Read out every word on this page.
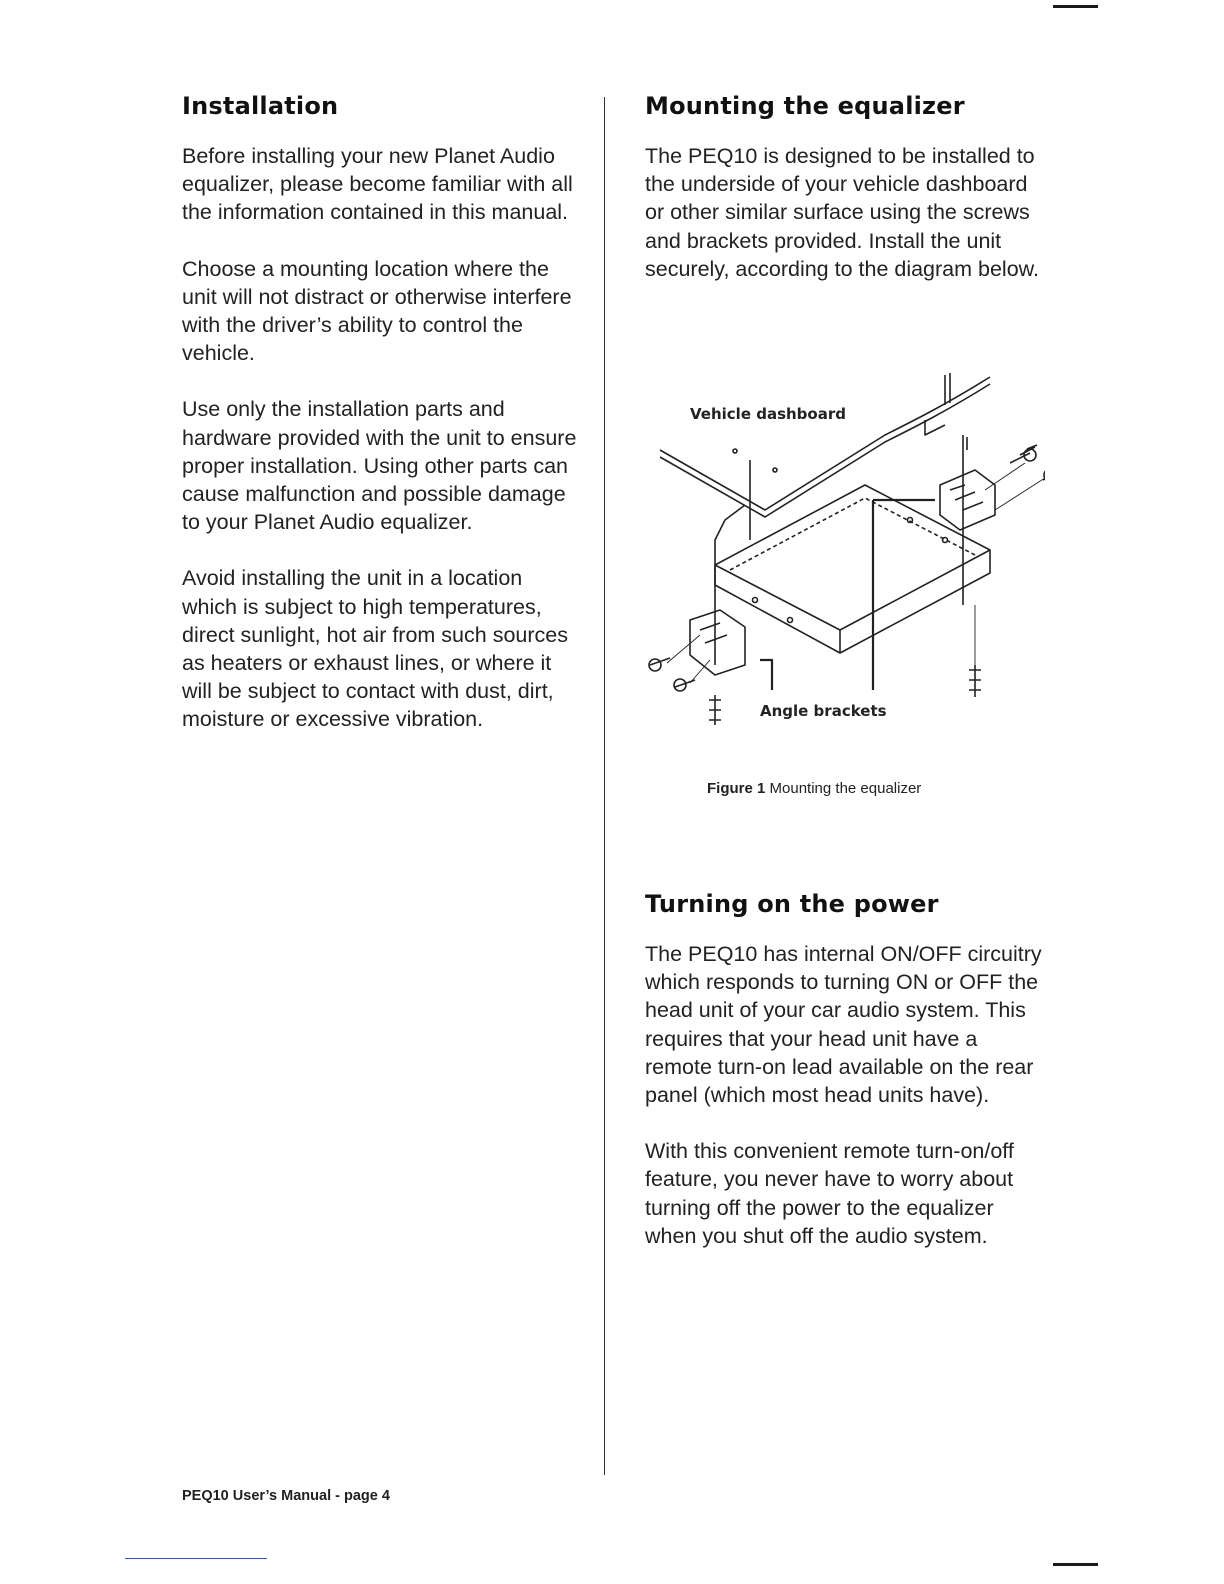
Installation

Before installing your new Planet Audio equalizer, please become familiar with all the information contained in this manual.

Choose a mounting location where the unit will not distract or otherwise interfere with the driver’s ability to control the vehicle.

Use only the installation parts and hardware provided with the unit to ensure proper installation. Using other parts can cause malfunction and possible damage to your Planet Audio equalizer.

Avoid installing the unit in a location which is subject to high temperatures, direct sunlight, hot air from such sources as heaters or exhaust lines, or where it will be subject to contact with dust, dirt, moisture or excessive vibration.

Mounting the equalizer

The PEQ10 is designed to be installed to the underside of your vehicle dashboard or other similar surface using the screws and brackets provided. Install the unit securely, according to the diagram below.

Vehicle dashboard
Angle brackets
Figure 1 Mounting the equalizer
Turning on the power

The PEQ10 has internal ON/OFF circuitry which responds to turning ON or OFF the head unit of your car audio system. This requires that your head unit have a remote turn-on lead available on the rear panel (which most head units have).

With this convenient remote turn-on/off feature, you never have to worry about turning off the power to the equalizer when you shut off the audio system.

PEQ10 User’s Manual - page 4
